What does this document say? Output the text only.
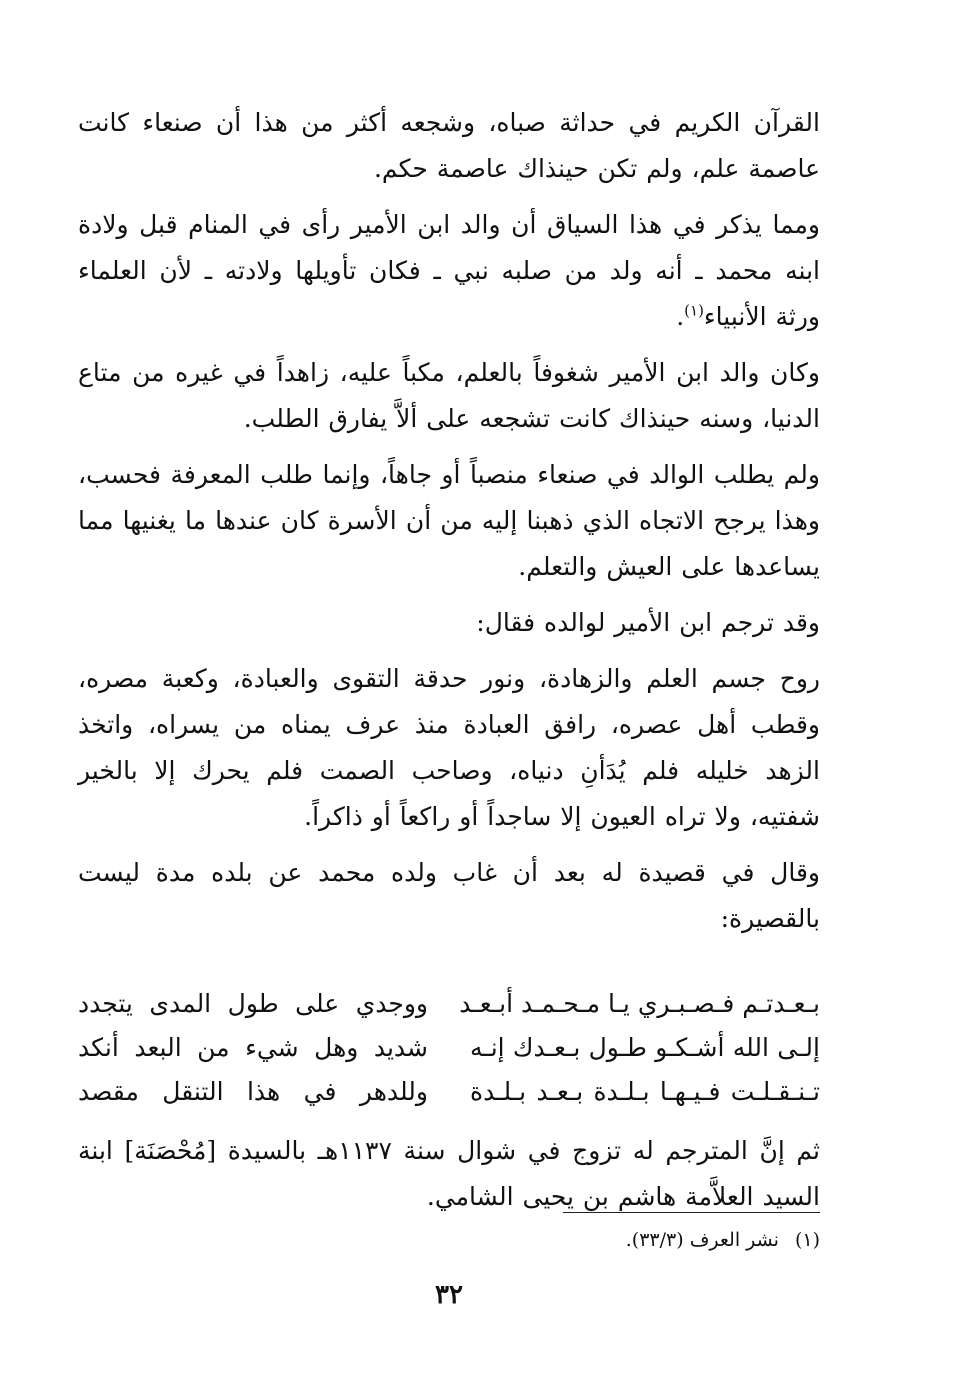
القرآن الكريم في حداثة صباه، وشجعه أكثر من هذا أن صنعاء كانت عاصمة علم، ولم تكن حينذاك عاصمة حكم.

ومما يذكر في هذا السياق أن والد ابن الأمير رأى في المنام قبل ولادة ابنه محمد ـ أنه ولد من صلبه نبي ـ فكان تأويلها ولادته ـ لأن العلماء ورثة الأنبياء$^{(١)}$.

وكان والد ابن الأمير شغوفاً بالعلم، مكباً عليه، زاهداً في غيره من متاع الدنيا، وسنه حينذاك كانت تشجعه على ألاَّ يفارق الطلب.

ولم يطلب الوالد في صنعاء منصباً أو جاهاً، وإنما طلب المعرفة فحسب، وهذا يرجح الاتجاه الذي ذهبنا إليه من أن الأسرة كان عندها ما يغنيها مما يساعدها على العيش والتعلم.

وقد ترجم ابن الأمير لوالده فقال:

روح جسم العلم والزهادة، ونور حدقة التقوى والعبادة، وكعبة مصره، وقطب أهل عصره، رافق العبادة منذ عرف يمناه من يسراه، واتخذ الزهد خليله فلم يُدَأنِ دنياه، وصاحب الصمت فلم يحرك إلا بالخير شفتيه، ولا تراه العيون إلا ساجداً أو راكعاً أو ذاكراً.

وقال في قصيدة له بعد أن غاب ولده محمد عن بلده مدة ليست بالقصيرة:

بـعـدتـم فـصـبـري يـا مـحـمـد أبـعـد
ووجدي على طول المدى يتجدد
إلـى الله أشـكـو طـول بـعـدك إنـه
شديد وهل شيء من البعد أنكد
تـنـقـلـت فـيـهـا بـلـدة بـعـد بـلـدة
وللدهر في هذا التنقل مقصد

ثم إنَّ المترجم له تزوج في شوال سنة ١١٣٧هـ بالسيدة [مُحْصَنَة] ابنة السيد العلاَّمة هاشم بن يحيى الشامي.

(١) نشر العرف (٣٣/٣).
٣٢
